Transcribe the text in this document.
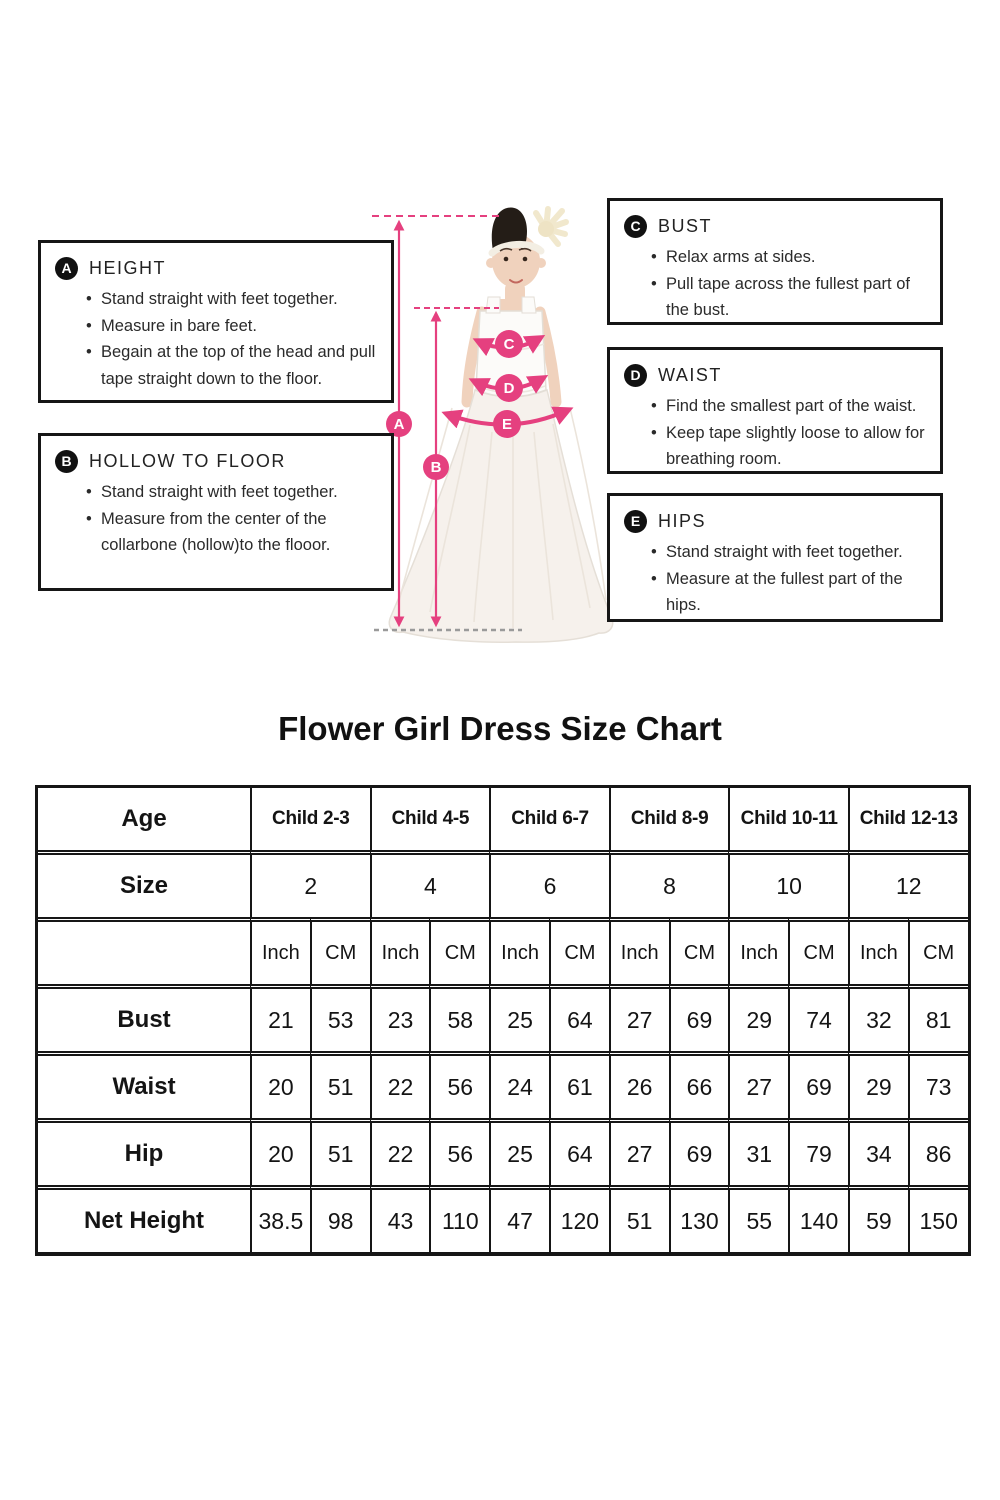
A
B
C
D
E
A HEIGHT
• Stand straight with feet together.
• Measure in bare feet.
• Begain at the top of the head and pull tape straight down to the floor.
B HOLLOW TO FLOOR
• Stand straight with feet together.
• Measure from the center of the collarbone (hollow)to the flooor.
C BUST
• Relax arms at sides.
• Pull tape across the fullest part of the bust.
D WAIST
• Find the smallest part of the waist.
• Keep tape slightly loose to allow for breathing room.
E HIPS
• Stand straight with feet together.
• Measure at the fullest part of the hips.
Flower Girl Dress Size Chart
Age	Child 2-3		Child 4-5		Child 6-7		Child 8-9		Child 10-11		Child 12-13	
Size	2		4		6		8		10		12	
	Inch	CM	Inch	CM	Inch	CM	Inch	CM	Inch	CM	Inch	CM
Bust	21	53	23	58	25	64	27	69	29	74	32	81
Waist	20	51	22	56	24	61	26	66	27	69	29	73
Hip	20	51	22	56	25	64	27	69	31	79	34	86
Net Height	38.5	98	43	110	47	120	51	130	55	140	59	150
